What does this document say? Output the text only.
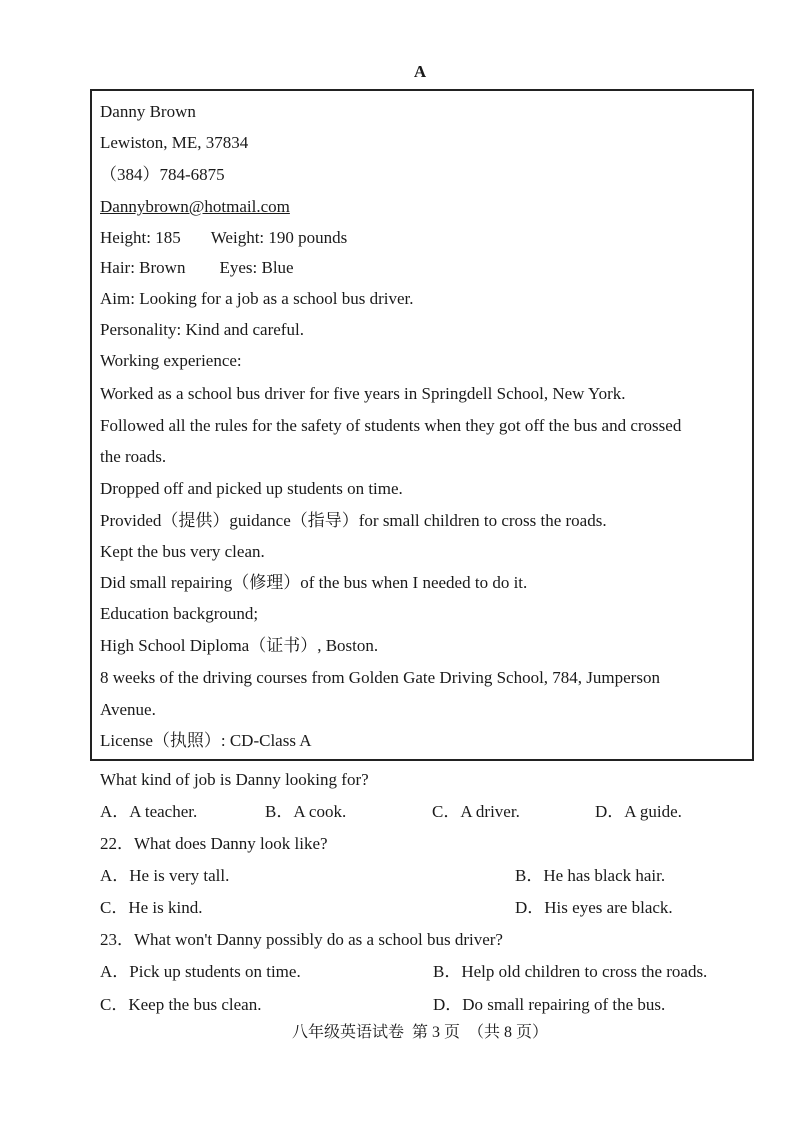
A
Danny Brown
Lewiston, ME, 37834
（384）784-6875
Dannybrown@hotmail.com
Height: 185 Weight: 190 pounds
Hair: Brown Eyes: Blue
Aim: Looking for a job as a school bus driver.
Personality: Kind and careful.
Working experience:
Worked as a school bus driver for five years in Springdell School, New York.
Followed all the rules for the safety of students when they got off the bus and crossed
the roads.
Dropped off and picked up students on time.
Provided（提供）guidance（指导）for small children to cross the roads.
Kept the bus very clean.
Did small repairing（修理）of the bus when I needed to do it.
Education background;
High School Diploma（证书）, Boston.
8 weeks of the driving courses from Golden Gate Driving School, 784, Jumperson
Avenue.
License（执照）: CD-Class A
What kind of job is Danny looking for?
A．A teacher.	B．A cook.	C．A driver.	D．A guide.
22．What does Danny look like?
A．He is very tall.	B．He has black hair.
C．He is kind.	D．His eyes are black.
23．What won't Danny possibly do as a school bus driver?
A．Pick up students on time.	B．Help old children to cross the roads.
C．Keep the bus clean.	D．Do small repairing of the bus.
八年级英语试卷 第 3 页 （共 8 页）
